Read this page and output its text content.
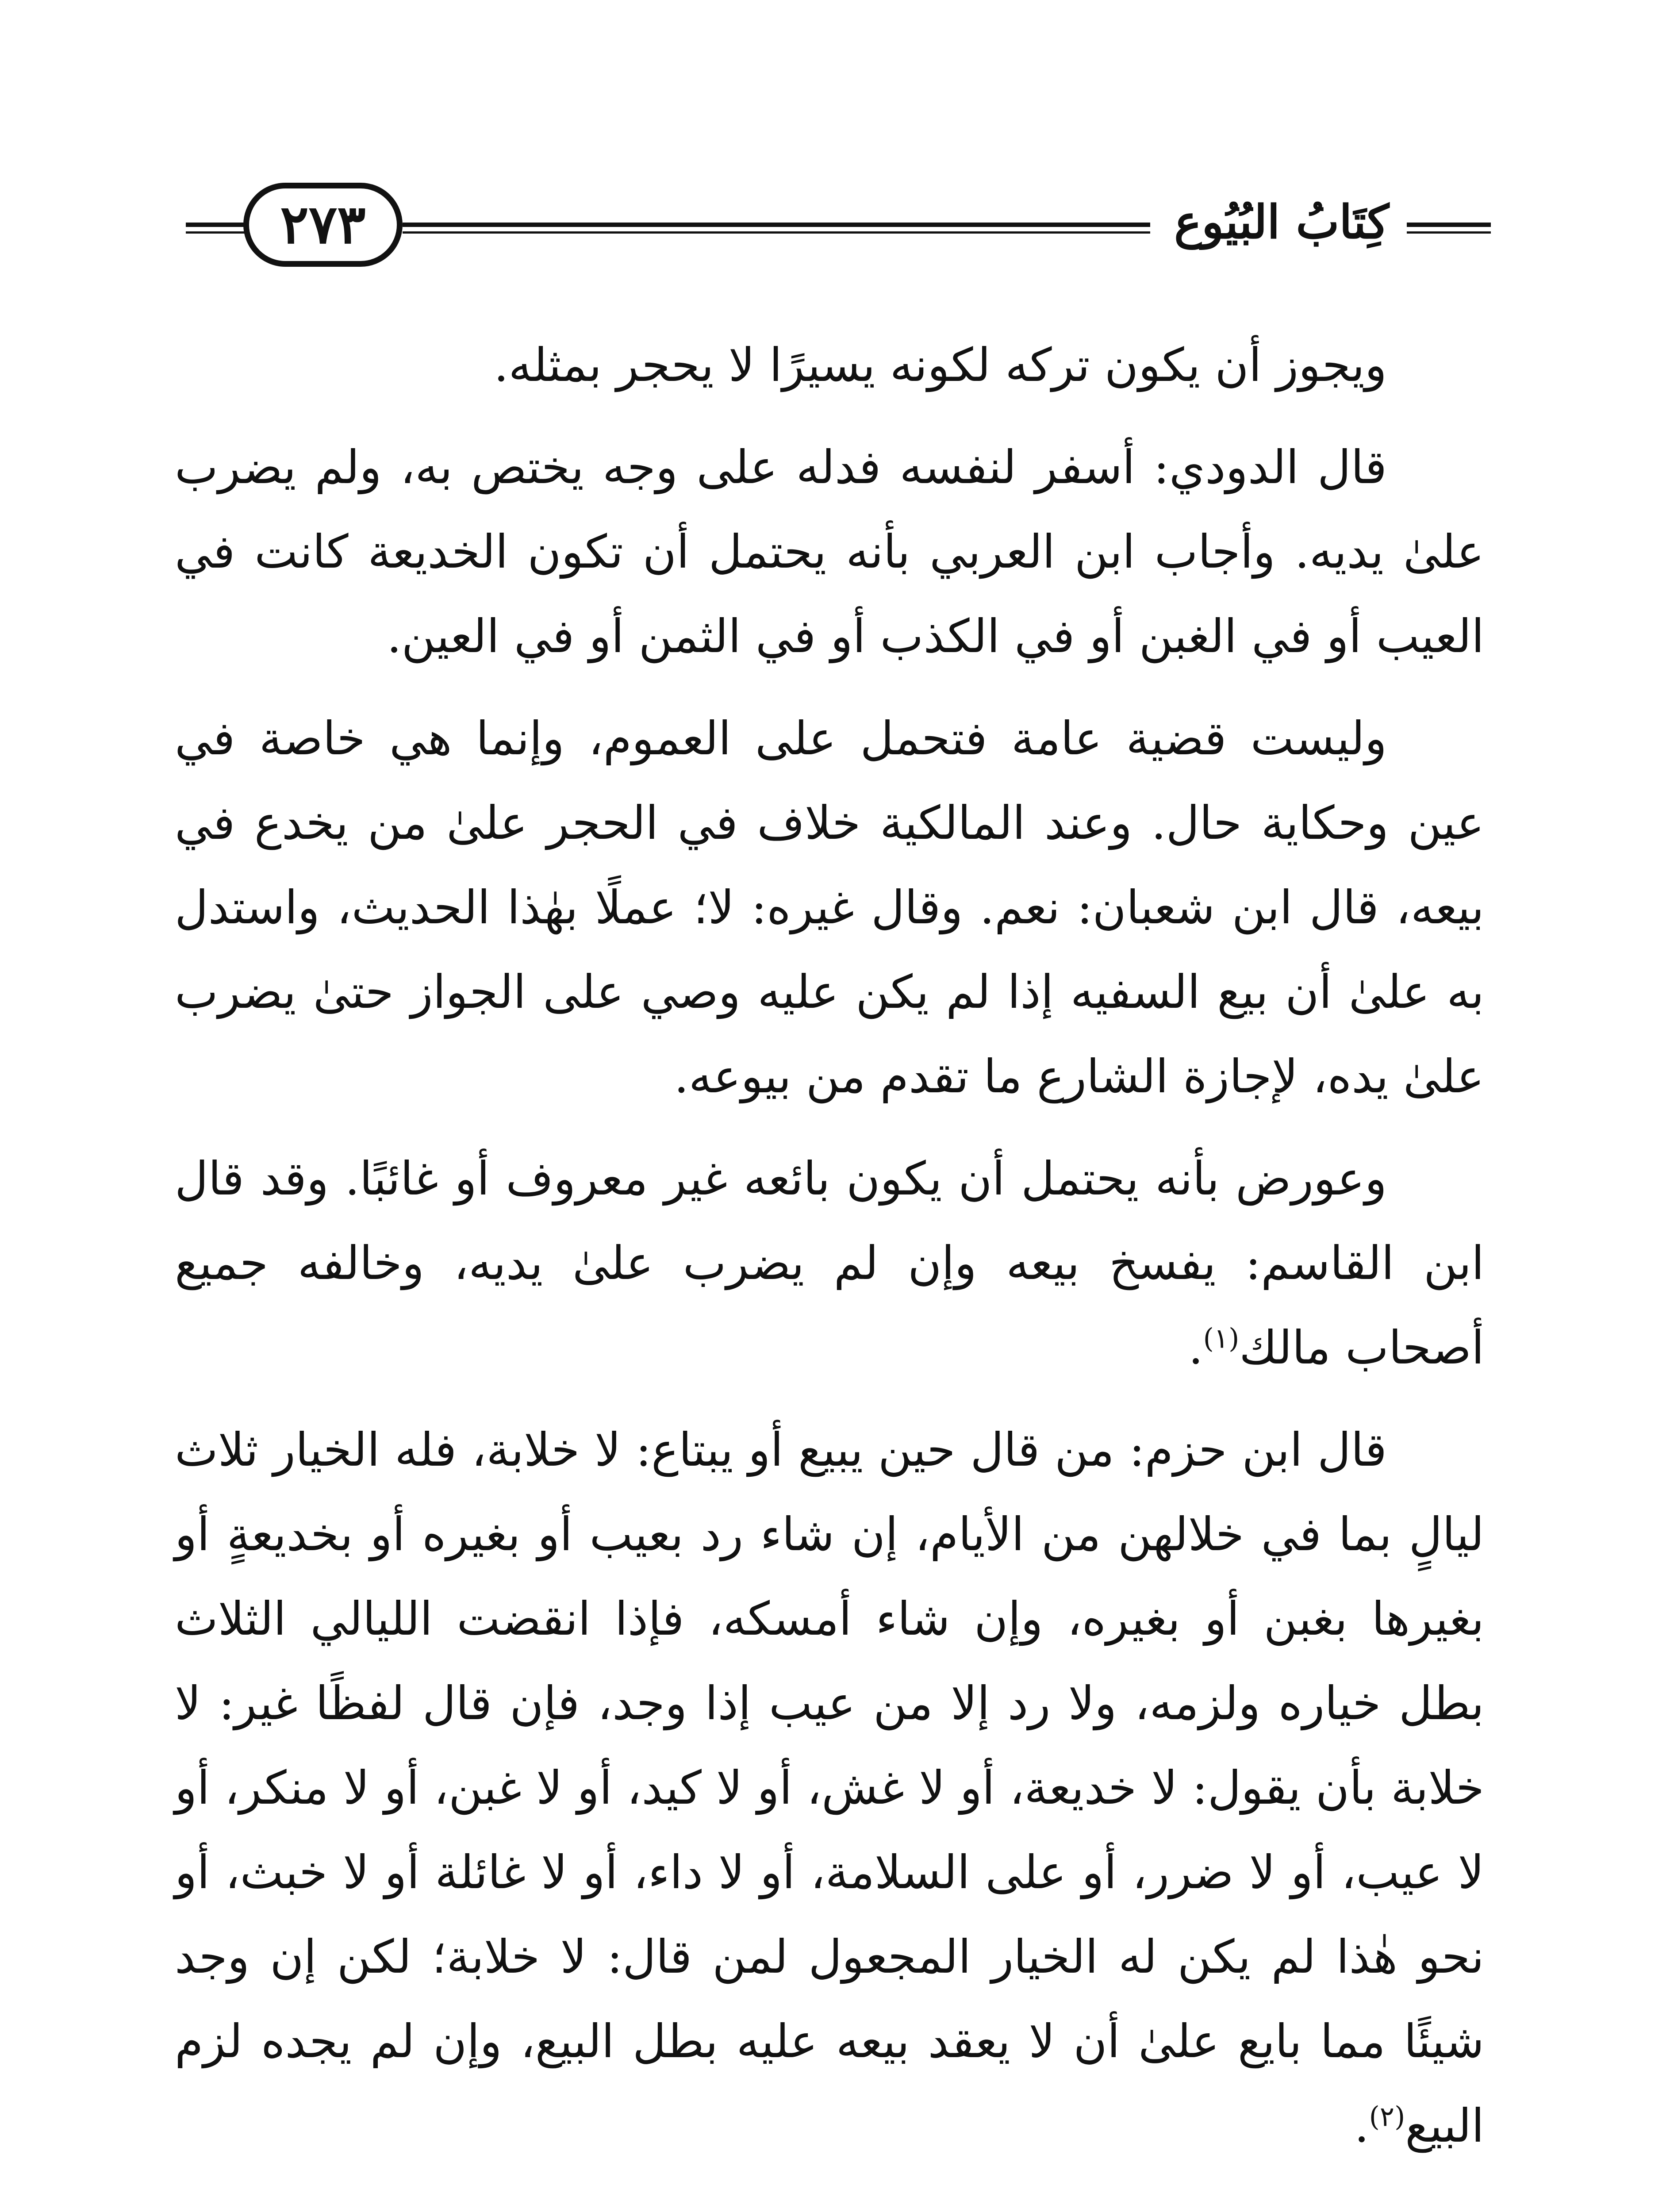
كِتَابُ البُيُوع
٢٧٣

ويجوز أن يكون تركه لكونه يسيرًا لا يحجر بمثله.

قال الدودي: أسفر لنفسه فدله على وجه يختص به، ولم يضرب علىٰ يديه. وأجاب ابن العربي بأنه يحتمل أن تكون الخديعة كانت في العيب أو في الغبن أو في الكذب أو في الثمن أو في العين.

وليست قضية عامة فتحمل على العموم، وإنما هي خاصة في عين وحكاية حال. وعند المالكية خلاف في الحجر علىٰ من يخدع في بيعه، قال ابن شعبان: نعم. وقال غيره: لا؛ عملًا بهٰذا الحديث، واستدل به علىٰ أن بيع السفيه إذا لم يكن عليه وصي على الجواز حتىٰ يضرب علىٰ يده، لإجازة الشارع ما تقدم من بيوعه.

وعورض بأنه يحتمل أن يكون بائعه غير معروف أو غائبًا. وقد قال ابن القاسم: يفسخ بيعه وإن لم يضرب علىٰ يديه، وخالفه جميع أصحاب مالك$^{(١)}$.

قال ابن حزم: من قال حين يبيع أو يبتاع: لا خلابة، فله الخيار ثلاث ليالٍ بما في خلالهن من الأيام، إن شاء رد بعيب أو بغيره أو بخديعةٍ أو بغيرها بغبن أو بغيره، وإن شاء أمسكه، فإذا انقضت الليالي الثلاث بطل خياره ولزمه، ولا رد إلا من عيب إذا وجد، فإن قال لفظًا غير: لا خلابة بأن يقول: لا خديعة، أو لا غش، أو لا كيد، أو لا غبن، أو لا منكر، أو لا عيب، أو لا ضرر، أو على السلامة، أو لا داء، أو لا غائلة أو لا خبث، أو نحو هٰذا لم يكن له الخيار المجعول لمن قال: لا خلابة؛ لكن إن وجد شيئًا مما بايع علىٰ أن لا يعقد بيعه عليه بطل البيع، وإن لم يجده لزم البيع$^{(٢)}$.
